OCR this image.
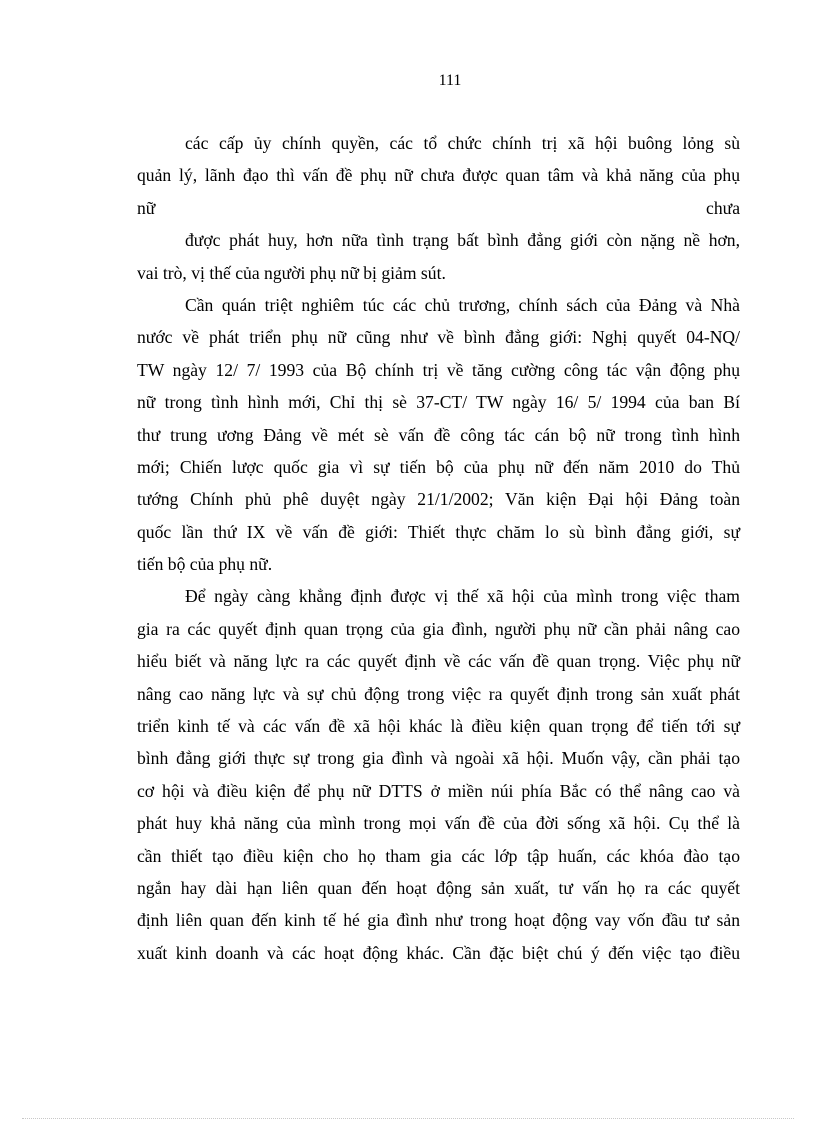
111
các cấp ủy chính quyền, các tổ chức chính trị xã hội buông lỏng sù
quản lý, lãnh đạo thì vấn đề phụ nữ chưa được quan tâm và khả năng của phụ
nữ	chưa
được phát huy, hơn nữa tình trạng bất bình đẳng giới còn nặng nề hơn,
vai trò, vị thế của người phụ nữ bị giảm sút.
Cần quán triệt nghiêm túc các chủ trương, chính sách của Đảng và Nhà
nước về phát triển phụ nữ cũng như về bình đẳng giới: Nghị quyết 04-NQ/
TW ngày 12/ 7/ 1993 của Bộ chính trị về tăng cường công tác vận động phụ
nữ trong tình hình mới, Chỉ thị sè 37-CT/ TW ngày 16/ 5/ 1994 của ban Bí
thư trung ương Đảng về mét sè vấn đề công tác cán bộ nữ trong tình hình
mới; Chiến lược quốc gia vì sự tiến bộ của phụ nữ đến năm 2010 do Thủ
tướng Chính phủ phê duyệt ngày 21/1/2002; Văn kiện Đại hội Đảng toàn
quốc lần thứ IX về vấn đề giới: Thiết thực chăm lo sù bình đẳng giới, sự
tiến bộ của phụ nữ.
Để ngày càng khẳng định được vị thế xã hội của mình trong việc tham
gia ra các quyết định quan trọng của gia đình, người phụ nữ cần phải nâng cao
hiểu biết và năng lực ra các quyết định về các vấn đề quan trọng. Việc phụ nữ
nâng cao năng lực và sự chủ động trong việc ra quyết định trong sản xuất phát
triển kinh tế và các vấn đề xã hội khác là điều kiện quan trọng để tiến tới sự
bình đẳng giới thực sự trong gia đình và ngoài xã hội. Muốn vậy, cần phải tạo
cơ hội và điều kiện để phụ nữ DTTS ở miền núi phía Bắc có thể nâng cao và
phát huy khả năng của mình trong mọi vấn đề của đời sống xã hội. Cụ thể là
cần thiết tạo điều kiện cho họ tham gia các lớp tập huấn, các khóa đào tạo
ngắn hay dài hạn liên quan đến hoạt động sản xuất, tư vấn họ ra các quyết
định liên quan đến kinh tế hé gia đình như trong hoạt động vay vốn đầu tư sản
xuất kinh doanh và các hoạt động khác. Cần đặc biệt chú ý đến việc tạo điều
